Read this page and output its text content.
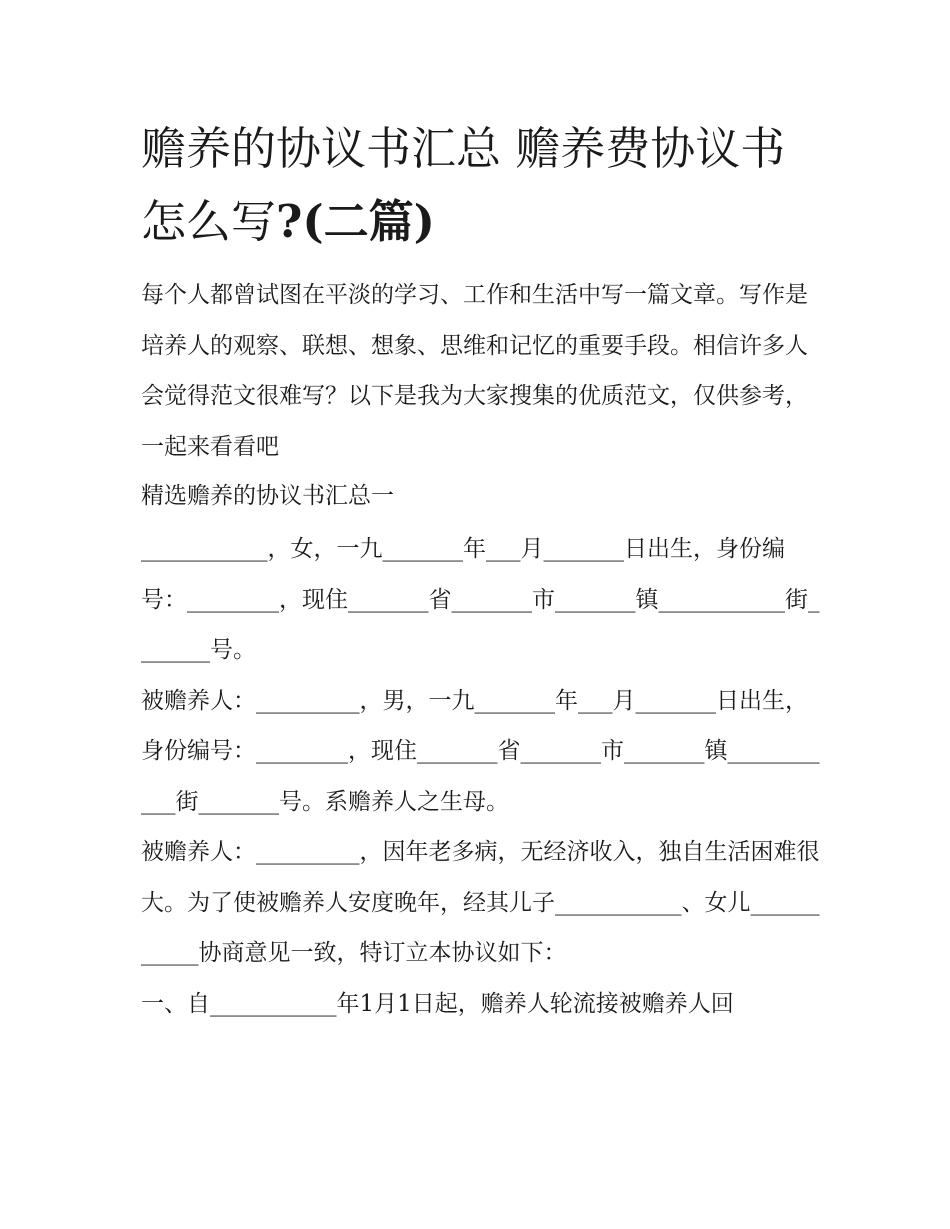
赡养的协议书汇总 赡养费协议书怎么写?(二篇)

每个人都曾试图在平淡的学习、工作和生活中写一篇文章。写作是培养人的观察、联想、想象、思维和记忆的重要手段。相信许多人会觉得范文很难写？以下是我为大家搜集的优质范文，仅供参考，一起来看看吧

精选赡养的协议书汇总一

___________，女，一九_______年___月_______日出生，身份编号：________，现住_______省_______市_______镇___________街_______号。

被赡养人：_________，男，一九_______年___月_______日出生，身份编号：________，现住_______省_______市_______镇___________街_______号。系赡养人之生母。

被赡养人：_________，因年老多病，无经济收入，独自生活困难很大。为了使被赡养人安度晚年，经其儿子___________、女儿___________协商意见一致，特订立本协议如下：

一、自___________年1月1日起，赡养人轮流接被赡养人回
